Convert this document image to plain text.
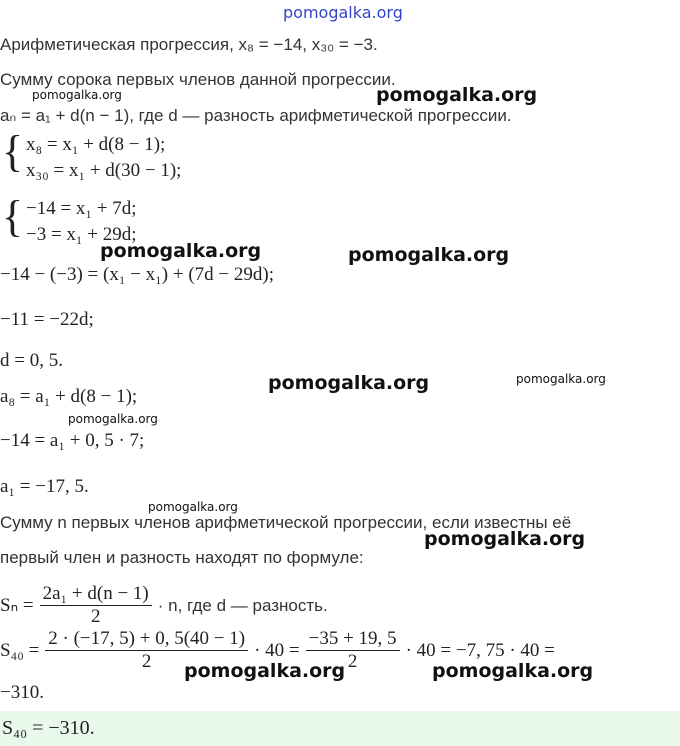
pomogalka.org
Арифметическая прогрессия, x₈ = −14, x₃₀ = −3.
Сумму сорока первых членов данной прогрессии.
pomogalka.org	pomogalka.org
aₙ = a₁ + d(n − 1), где d — разность арифметической прогрессии.
{ x₈ = x₁ + d(8 − 1);
x₃₀ = x₁ + d(30 − 1);
{ −14 = x₁ + 7d;
−3 = x₁ + 29d;
pomogalka.org	pomogalka.org
−14 − (−3) = (x₁ − x₁) + (7d − 29d);
−11 = −22d;
d = 0, 5.
pomogalka.org	pomogalka.org
a₈ = a₁ + d(8 − 1);
pomogalka.org
−14 = a₁ + 0, 5 · 7;
a₁ = −17, 5.
pomogalka.org
Сумму n первых членов арифметической прогрессии, если известны её
pomogalka.org
первый член и разность находят по формуле:
$S_n = \frac{\text{2a₁ + d(n − 1)}}{2} \cdot n$, где d — разность.
$S_{40} = \frac{2 \cdot (-17, 5) + 0, 5(40 - 1)}{2} \cdot 40 = \frac{-35 + 19, 5}{2} \cdot 40 = -7$, 75 · 40 =
pomogalka.org	pomogalka.org
−310.
S₄₀ = −310.
